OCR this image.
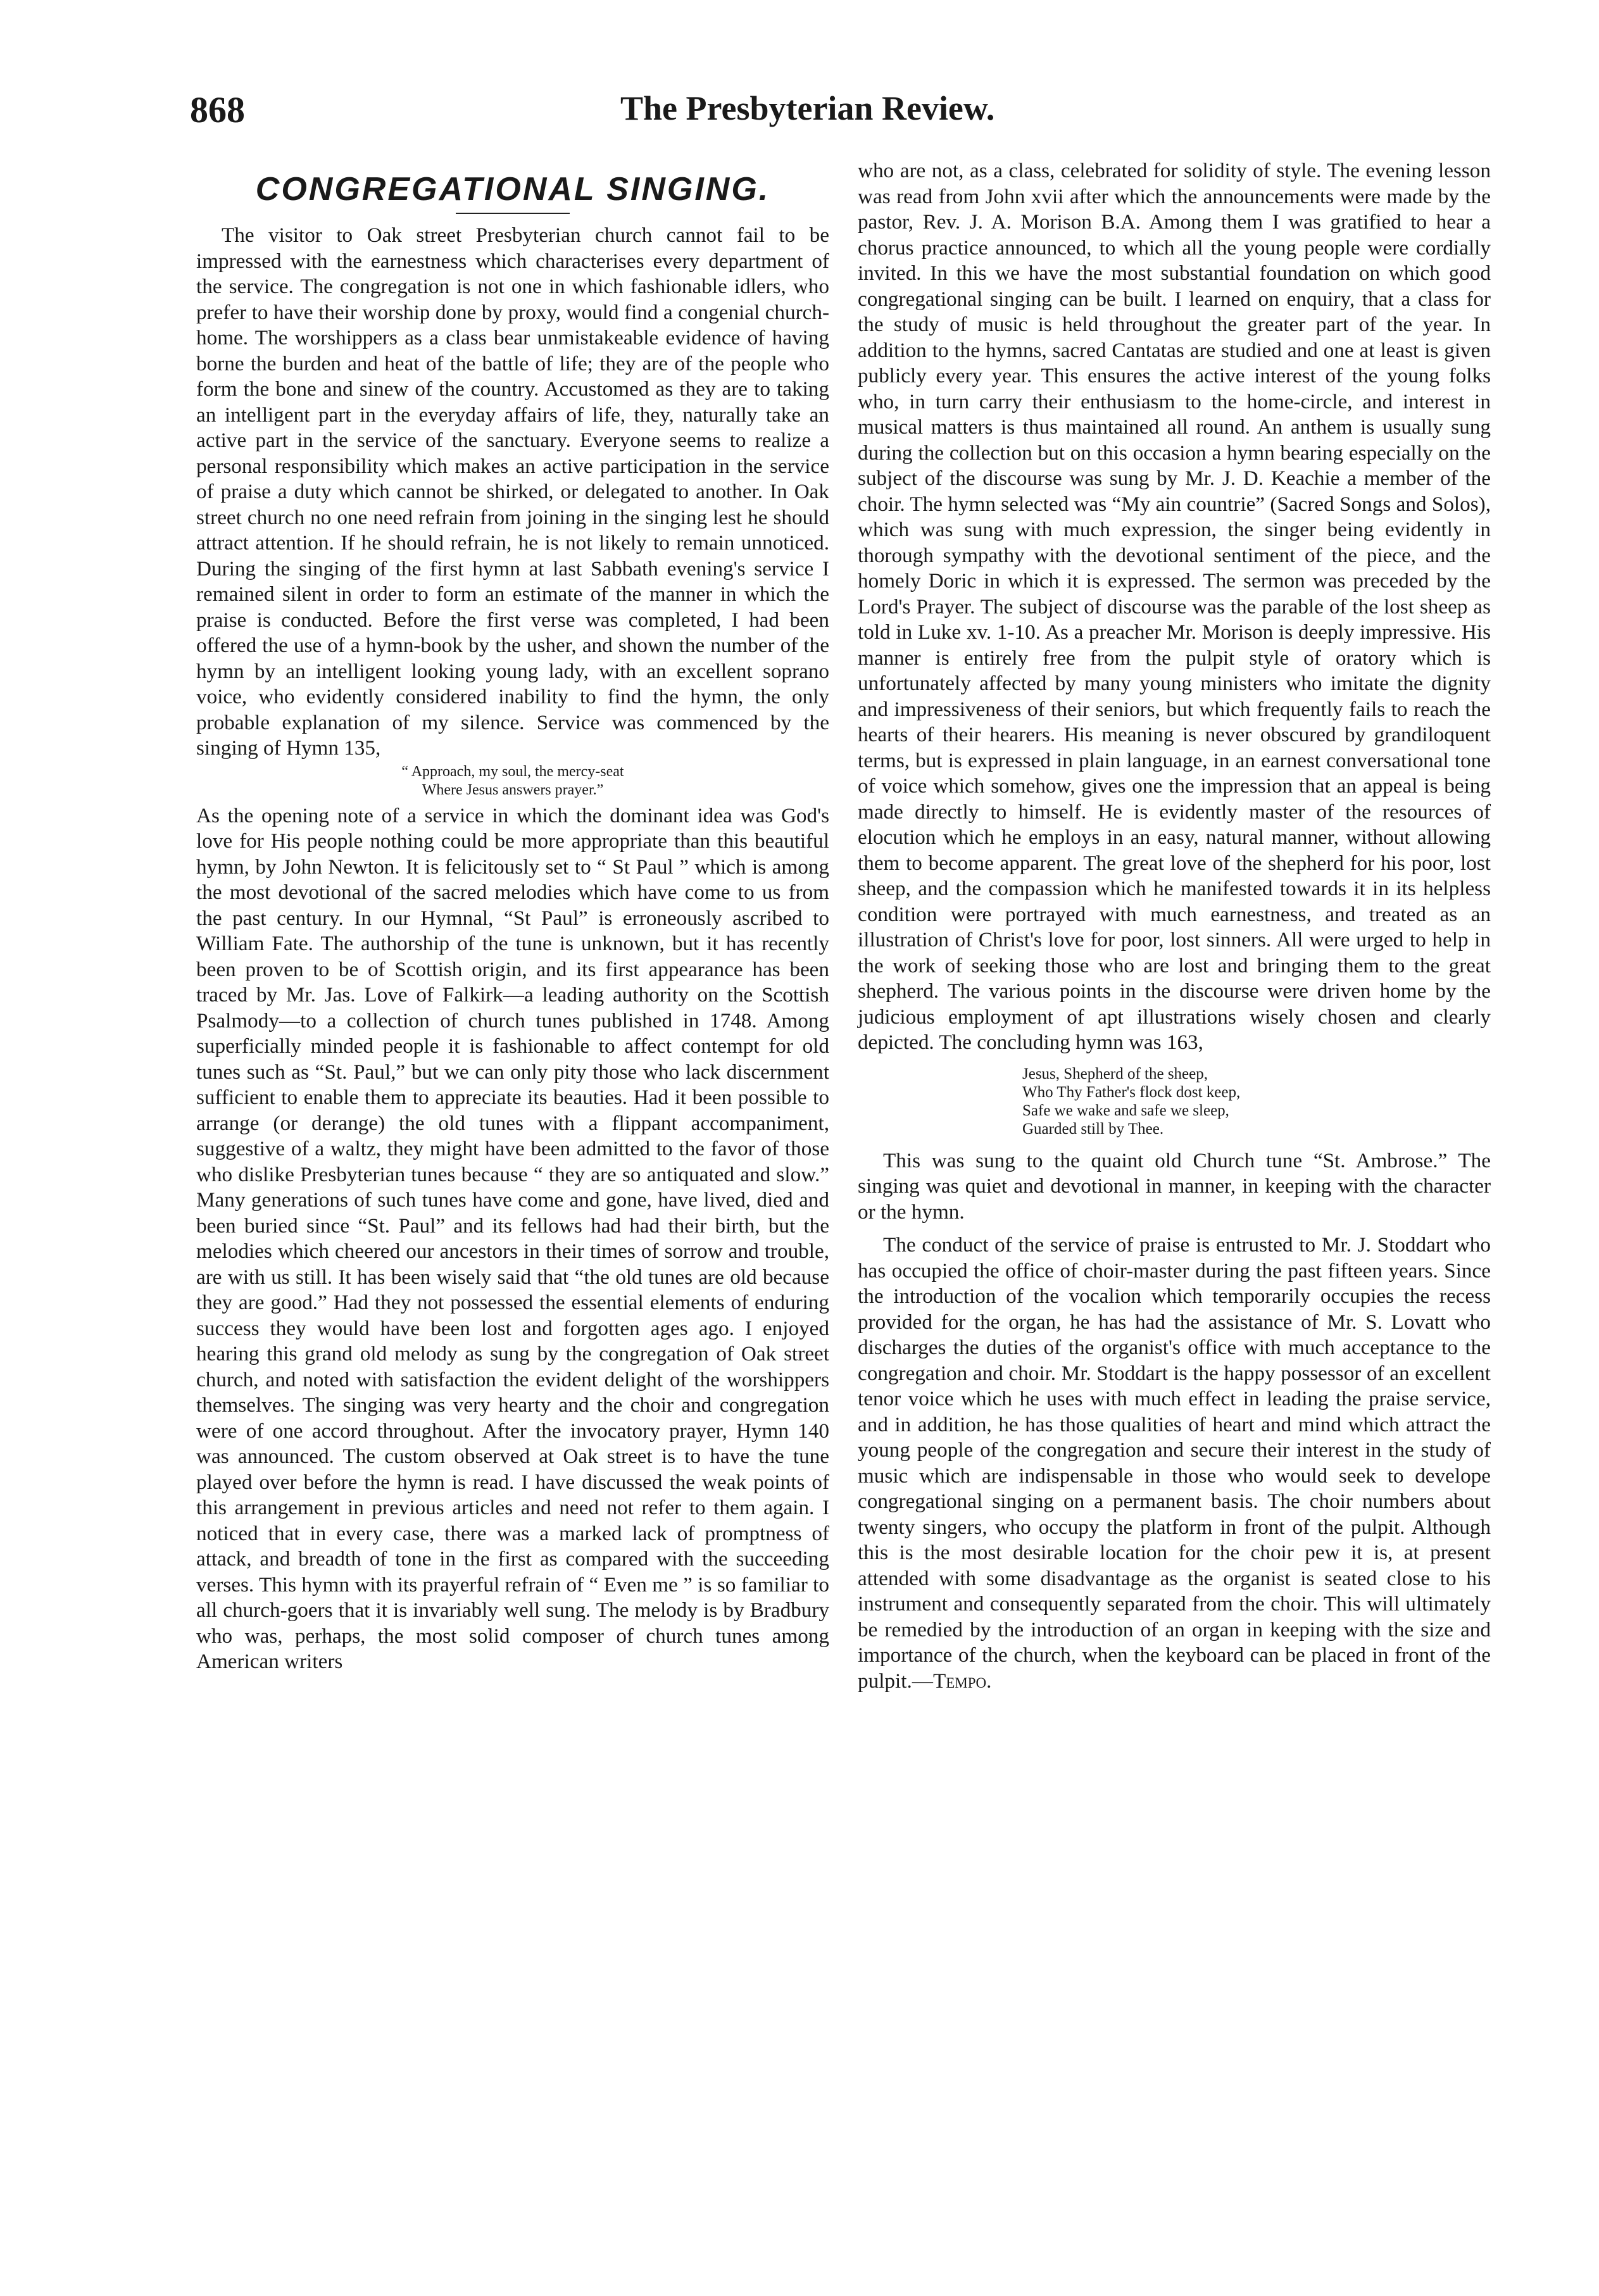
868	The Presbyterian Review.
CONGREGATIONAL SINGING.

The visitor to Oak street Presbyterian church cannot fail to be impressed with the earnestness which characterises every department of the service. The congregation is not one in which fashionable idlers, who prefer to have their worship done by proxy, would find a congenial church-home. The worshippers as a class bear unmistakeable evidence of having borne the burden and heat of the battle of life; they are of the people who form the bone and sinew of the country. Accustomed as they are to taking an intelligent part in the everyday affairs of life, they, naturally take an active part in the service of the sanctuary. Everyone seems to realize a personal responsibility which makes an active participation in the service of praise a duty which cannot be shirked, or delegated to another. In Oak street church no one need refrain from joining in the singing lest he should attract attention. If he should refrain, he is not likely to remain unnoticed. During the singing of the first hymn at last Sabbath evening's service I remained silent in order to form an estimate of the manner in which the praise is conducted. Before the first verse was completed, I had been offered the use of a hymn-book by the usher, and shown the number of the hymn by an intelligent looking young lady, with an excellent soprano voice, who evidently considered inability to find the hymn, the only probable explanation of my silence. Service was commenced by the singing of Hymn 135,

“ Approach, my soul, the mercy-seat
Where Jesus answers prayer.”

As the opening note of a service in which the dominant idea was God's love for His people nothing could be more appropriate than this beautiful hymn, by John Newton. It is felicitously set to “ St Paul ” which is among the most devotional of the sacred melodies which have come to us from the past century. In our Hymnal, “St Paul” is erroneously ascribed to William Fate. The authorship of the tune is unknown, but it has recently been proven to be of Scottish origin, and its first appearance has been traced by Mr. Jas. Love of Falkirk—a leading authority on the Scottish Psalmody—to a collection of church tunes published in 1748. Among superficially minded people it is fashionable to affect contempt for old tunes such as “St. Paul,” but we can only pity those who lack discernment sufficient to enable them to appreciate its beauties. Had it been possible to arrange (or derange) the old tunes with a flippant accompaniment, suggestive of a waltz, they might have been admitted to the favor of those who dislike Presbyterian tunes because “ they are so antiquated and slow.” Many generations of such tunes have come and gone, have lived, died and been buried since “St. Paul” and its fellows had had their birth, but the melodies which cheered our ancestors in their times of sorrow and trouble, are with us still. It has been wisely said that “the old tunes are old because they are good.” Had they not possessed the essential elements of enduring success they would have been lost and forgotten ages ago. I enjoyed hearing this grand old melody as sung by the congregation of Oak street church, and noted with satisfaction the evident delight of the worshippers themselves. The singing was very hearty and the choir and congregation were of one accord throughout. After the invocatory prayer, Hymn 140 was announced. The custom observed at Oak street is to have the tune played over before the hymn is read. I have discussed the weak points of this arrangement in previous articles and need not refer to them again. I noticed that in every case, there was a marked lack of promptness of attack, and breadth of tone in the first as compared with the succeeding verses. This hymn with its prayerful refrain of “ Even me ” is so familiar to all church-goers that it is invariably well sung. The melody is by Bradbury who was, perhaps, the most solid composer of church tunes among American writers

who are not, as a class, celebrated for solidity of style. The evening lesson was read from John xvii after which the announcements were made by the pastor, Rev. J. A. Morison B.A. Among them I was gratified to hear a chorus practice announced, to which all the young people were cordially invited. In this we have the most substantial foundation on which good congregational singing can be built. I learned on enquiry, that a class for the study of music is held throughout the greater part of the year. In addition to the hymns, sacred Cantatas are studied and one at least is given publicly every year. This ensures the active interest of the young folks who, in turn carry their enthusiasm to the home-circle, and interest in musical matters is thus maintained all round. An anthem is usually sung during the collection but on this occasion a hymn bearing especially on the subject of the discourse was sung by Mr. J. D. Keachie a member of the choir. The hymn selected was “My ain countrie” (Sacred Songs and Solos), which was sung with much expression, the singer being evidently in thorough sympathy with the devotional sentiment of the piece, and the homely Doric in which it is expressed. The sermon was preceded by the Lord's Prayer. The subject of discourse was the parable of the lost sheep as told in Luke xv. 1-10. As a preacher Mr. Morison is deeply impressive. His manner is entirely free from the pulpit style of oratory which is unfortunately affected by many young ministers who imitate the dignity and impressiveness of their seniors, but which frequently fails to reach the hearts of their hearers. His meaning is never obscured by grandiloquent terms, but is expressed in plain language, in an earnest conversational tone of voice which somehow, gives one the impression that an appeal is being made directly to himself. He is evidently master of the resources of elocution which he employs in an easy, natural manner, without allowing them to become apparent. The great love of the shepherd for his poor, lost sheep, and the compassion which he manifested towards it in its helpless condition were portrayed with much earnestness, and treated as an illustration of Christ's love for poor, lost sinners. All were urged to help in the work of seeking those who are lost and bringing them to the great shepherd. The various points in the discourse were driven home by the judicious employment of apt illustrations wisely chosen and clearly depicted. The concluding hymn was 163,

Jesus, Shepherd of the sheep,
Who Thy Father's flock dost keep,
Safe we wake and safe we sleep,
Guarded still by Thee.

This was sung to the quaint old Church tune “St. Ambrose.” The singing was quiet and devotional in manner, in keeping with the character or the hymn.

The conduct of the service of praise is entrusted to Mr. J. Stoddart who has occupied the office of choir-master during the past fifteen years. Since the introduction of the vocalion which temporarily occupies the recess provided for the organ, he has had the assistance of Mr. S. Lovatt who discharges the duties of the organist's office with much acceptance to the congregation and choir. Mr. Stoddart is the happy possessor of an excellent tenor voice which he uses with much effect in leading the praise service, and in addition, he has those qualities of heart and mind which attract the young people of the congregation and secure their interest in the study of music which are indispensable in those who would seek to develope congregational singing on a permanent basis. The choir numbers about twenty singers, who occupy the platform in front of the pulpit. Although this is the most desirable location for the choir pew it is, at present attended with some disadvantage as the organist is seated close to his instrument and consequently separated from the choir. This will ultimately be remedied by the introduction of an organ in keeping with the size and importance of the church, when the keyboard can be placed in front of the pulpit.—Tempo.
